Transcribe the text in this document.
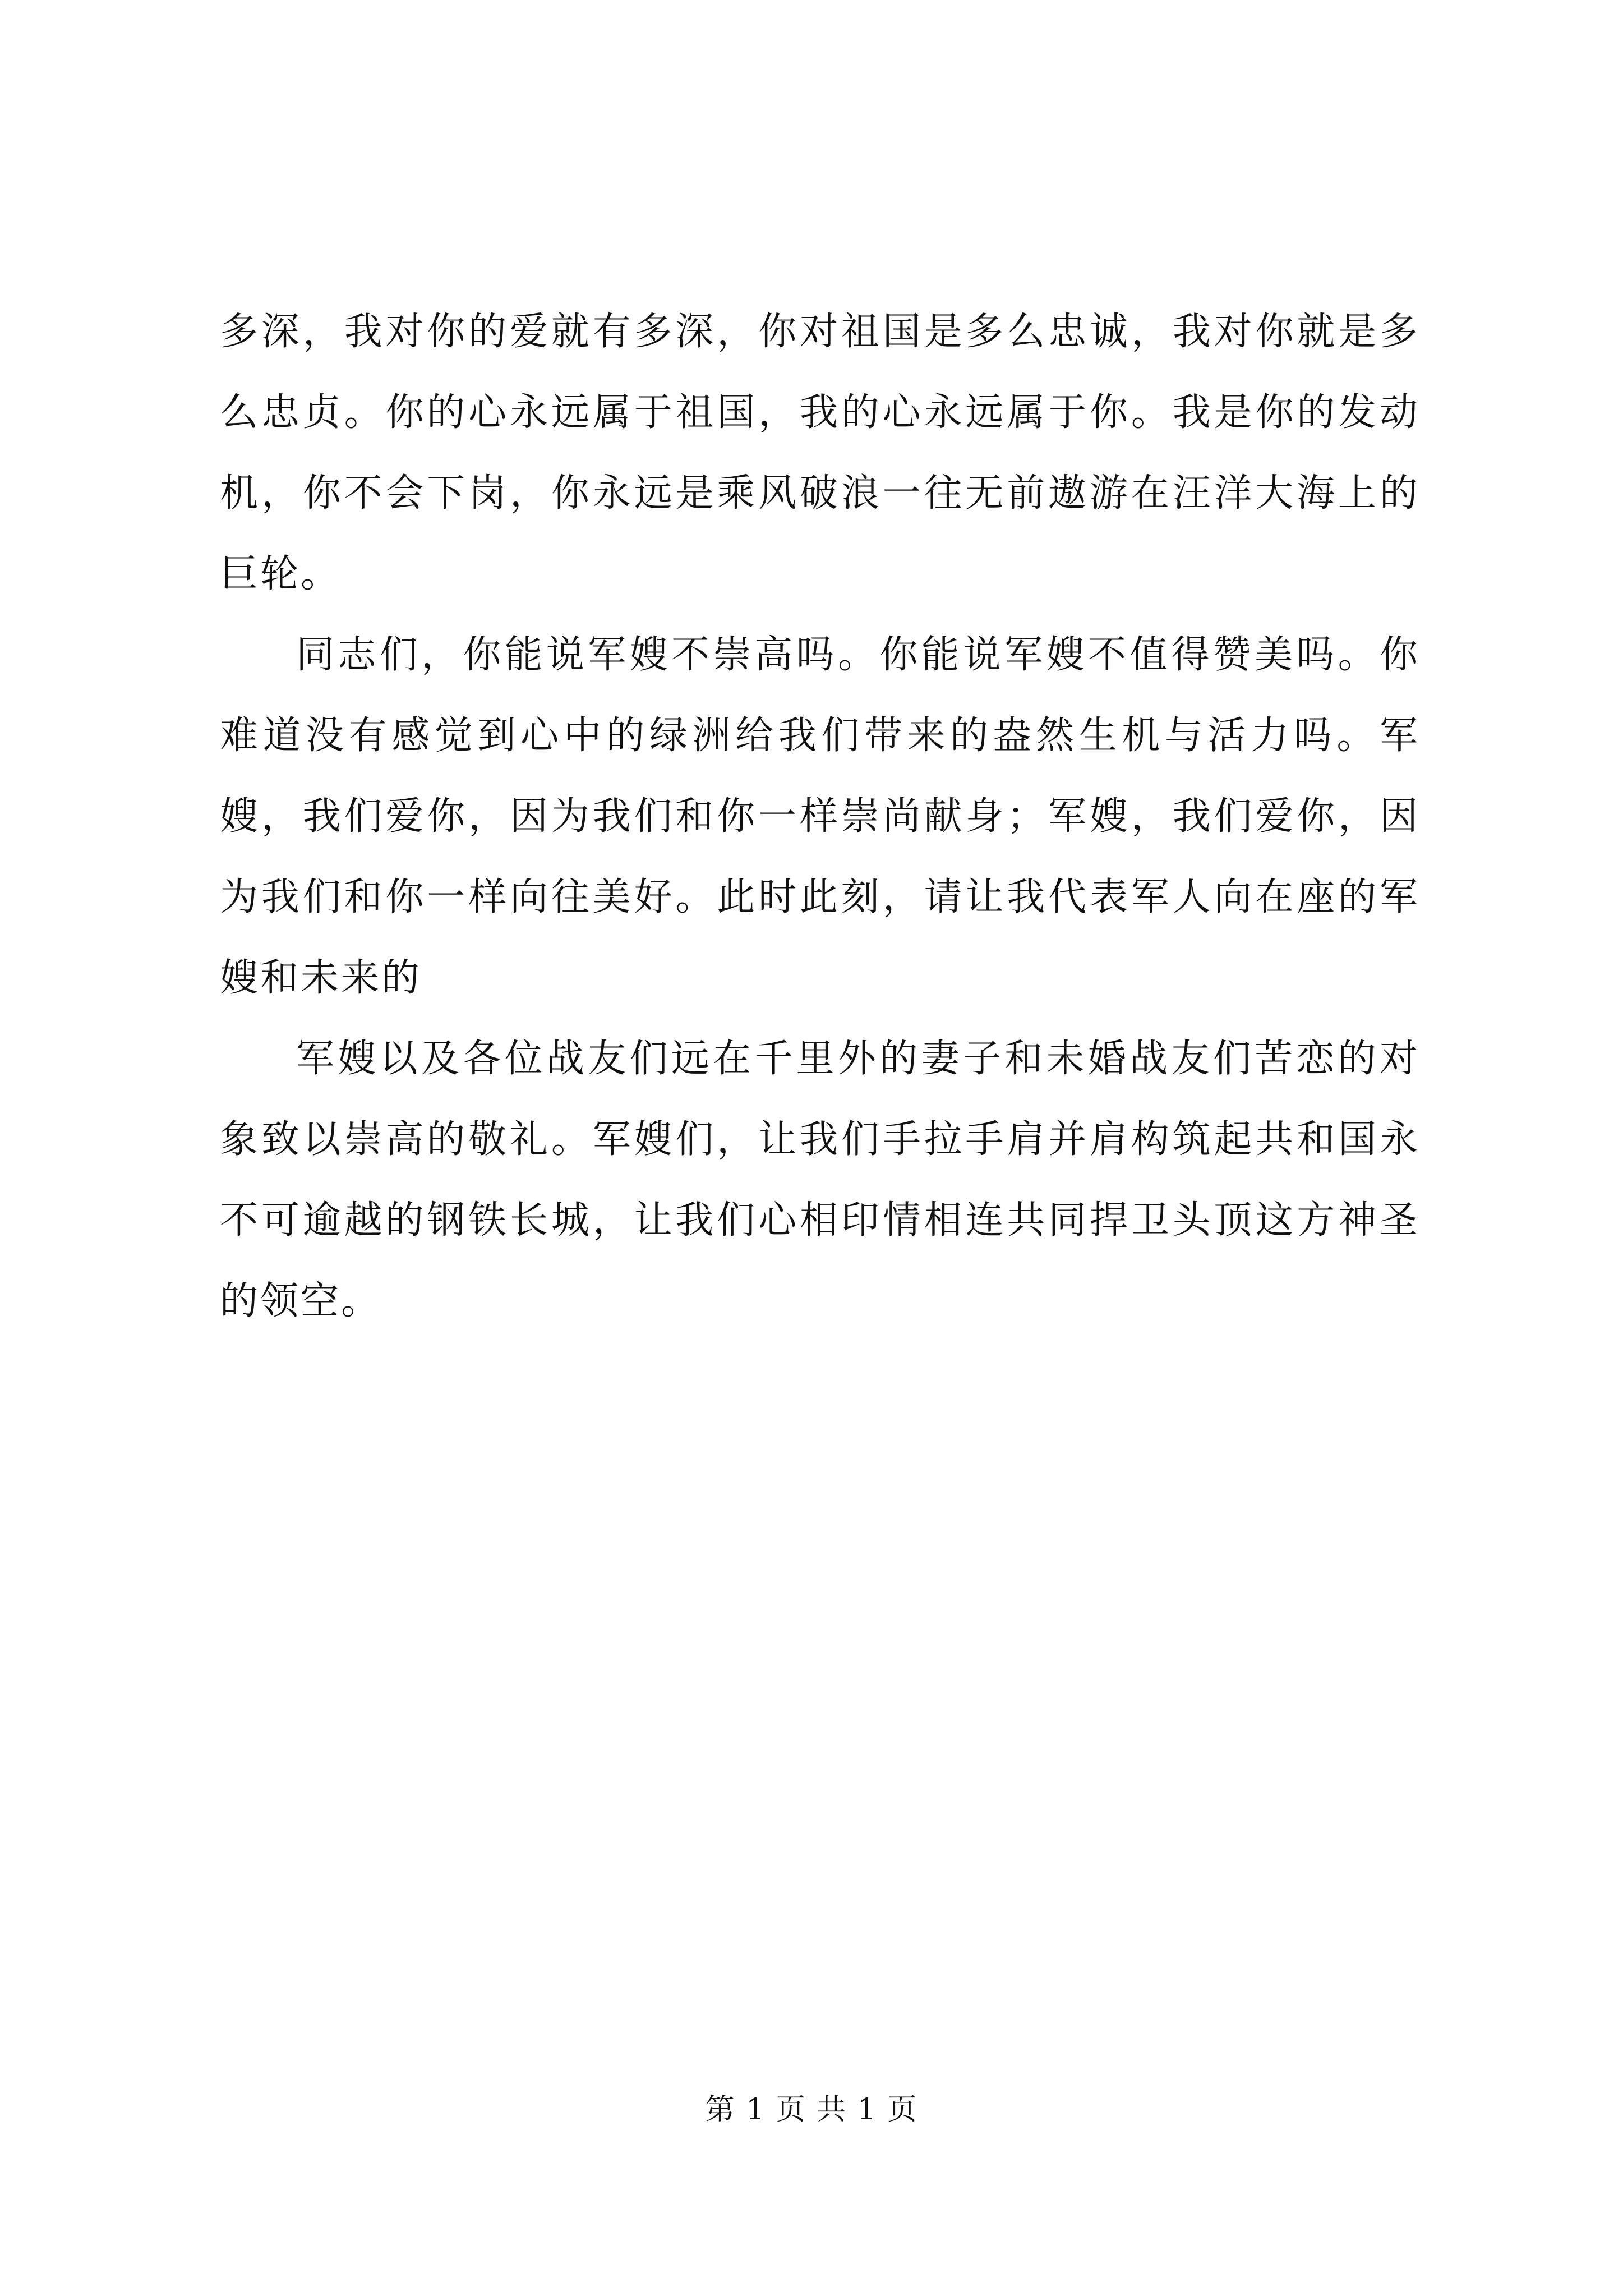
多深，我对你的爱就有多深，你对祖国是多么忠诚，我对你就是多么忠贞。你的心永远属于祖国，我的心永远属于你。我是你的发动机，你不会下岗，你永远是乘风破浪一往无前遨游在汪洋大海上的巨轮。

同志们，你能说军嫂不崇高吗。你能说军嫂不值得赞美吗。你难道没有感觉到心中的绿洲给我们带来的盎然生机与活力吗。军嫂，我们爱你，因为我们和你一样崇尚献身；军嫂，我们爱你，因为我们和你一样向往美好。此时此刻，请让我代表军人向在座的军嫂和未来的

军嫂以及各位战友们远在千里外的妻子和未婚战友们苦恋的对象致以崇高的敬礼。军嫂们，让我们手拉手肩并肩构筑起共和国永不可逾越的钢铁长城，让我们心相印情相连共同捍卫头顶这方神圣的领空。

第 1 页 共 1 页
